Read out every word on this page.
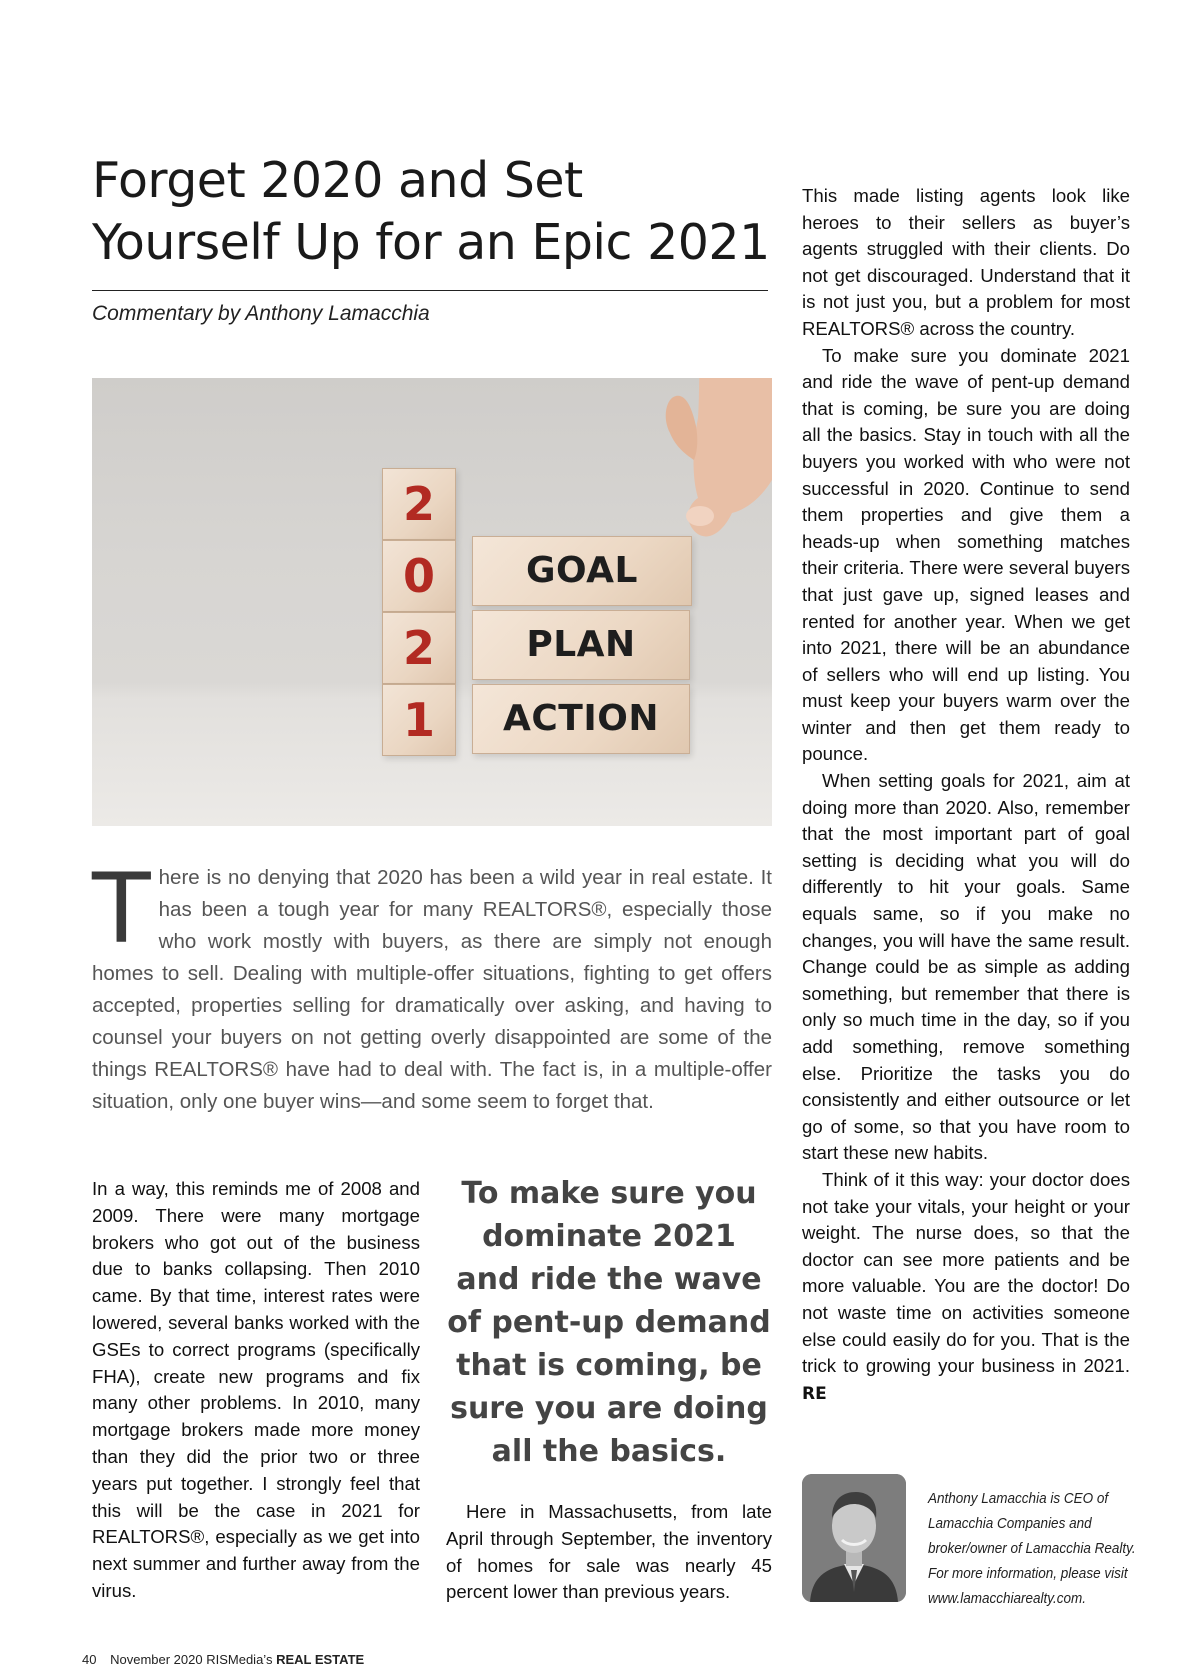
Forget 2020 and Set Yourself Up for an Epic 2021

Commentary by Anthony Lamacchia

2
0
2
1
GOAL
PLAN
ACTION

There is no denying that 2020 has been a wild year in real estate. It has been a tough year for many REALTORS®, especially those who work mostly with buyers, as there are simply not enough homes to sell. Dealing with multiple-offer situations, fighting to get offers accepted, properties selling for dramatically over asking, and having to counsel your buyers on not getting overly disappointed are some of the things REALTORS® have had to deal with. The fact is, in a multiple-offer situation, only one buyer wins—and some seem to forget that.

In a way, this reminds me of 2008 and 2009. There were many mortgage brokers who got out of the business due to banks collapsing. Then 2010 came. By that time, interest rates were lowered, several banks worked with the GSEs to correct programs (specifically FHA), create new programs and fix many other problems. In 2010, many mortgage brokers made more money than they did the prior two or three years put together. I strongly feel that this will be the case in 2021 for REALTORS®, especially as we get into next summer and further away from the virus.

To make sure you dominate 2021 and ride the wave of pent-up demand that is coming, be sure you are doing all the basics.

Here in Massachusetts, from late April through September, the inventory of homes for sale was nearly 45 percent lower than previous years.

This made listing agents look like heroes to their sellers as buyer’s agents struggled with their clients. Do not get discouraged. Understand that it is not just you, but a problem for most REALTORS® across the country.

To make sure you dominate 2021 and ride the wave of pent-up demand that is coming, be sure you are doing all the basics. Stay in touch with all the buyers you worked with who were not successful in 2020. Continue to send them properties and give them a heads-up when something matches their criteria. There were several buyers that just gave up, signed leases and rented for another year. When we get into 2021, there will be an abundance of sellers who will end up listing. You must keep your buyers warm over the winter and then get them ready to pounce.

When setting goals for 2021, aim at doing more than 2020. Also, remember that the most important part of goal setting is deciding what you will do differently to hit your goals. Same equals same, so if you make no changes, you will have the same result. Change could be as simple as adding something, but remember that there is only so much time in the day, so if you add something, remove something else. Prioritize the tasks you do consistently and either outsource or let go of some, so that you have room to start these new habits.

Think of it this way: your doctor does not take your vitals, your height or your weight. The nurse does, so that the doctor can see more patients and be more valuable. You are the doctor! Do not waste time on activities someone else could easily do for you. That is the trick to growing your business in 2021. RE

Anthony Lamacchia is CEO of Lamacchia Companies and broker/owner of Lamacchia Realty. For more information, please visit www.lamacchiarealty.com.

40 November 2020 RISMedia’s REAL ESTATE
